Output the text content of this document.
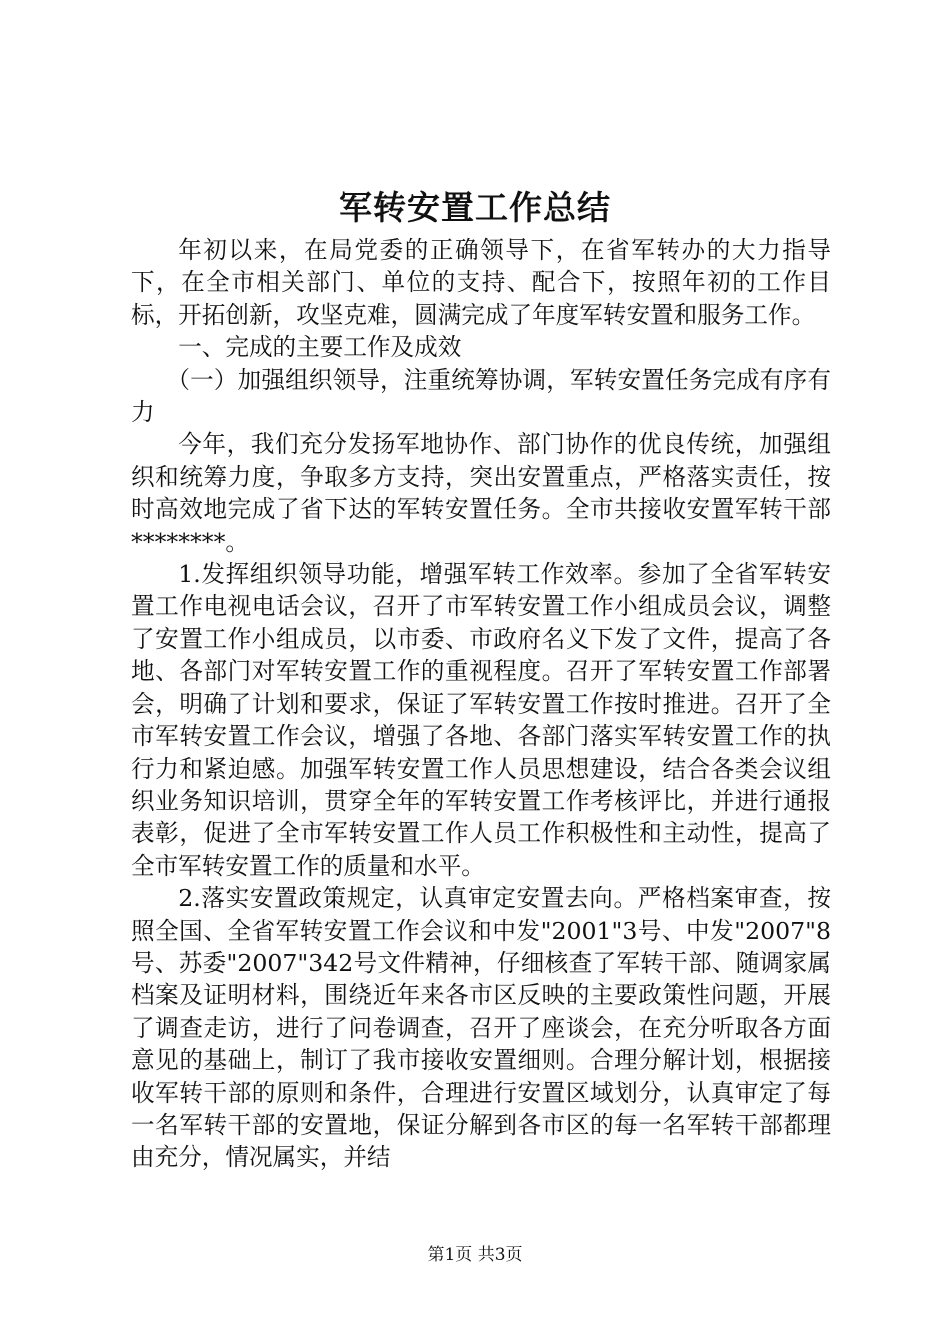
军转安置工作总结

年初以来，在局党委的正确领导下，在省军转办的大力指导下，在全市相关部门、单位的支持、配合下，按照年初的工作目标，开拓创新，攻坚克难，圆满完成了年度军转安置和服务工作。

一、完成的主要工作及成效

（一）加强组织领导，注重统筹协调，军转安置任务完成有序有力

今年，我们充分发扬军地协作、部门协作的优良传统，加强组织和统筹力度，争取多方支持，突出安置重点，严格落实责任，按时高效地完成了省下达的军转安置任务。全市共接收安置军转干部********。

1.发挥组织领导功能，增强军转工作效率。参加了全省军转安置工作电视电话会议，召开了市军转安置工作小组成员会议，调整了安置工作小组成员，以市委、市政府名义下发了文件，提高了各地、各部门对军转安置工作的重视程度。召开了军转安置工作部署会，明确了计划和要求，保证了军转安置工作按时推进。召开了全市军转安置工作会议，增强了各地、各部门落实军转安置工作的执行力和紧迫感。加强军转安置工作人员思想建设，结合各类会议组织业务知识培训，贯穿全年的军转安置工作考核评比，并进行通报表彰，促进了全市军转安置工作人员工作积极性和主动性，提高了全市军转安置工作的质量和水平。

2.落实安置政策规定，认真审定安置去向。严格档案审查，按照全国、全省军转安置工作会议和中发"2001"3号、中发"2007"8号、苏委"2007"342号文件精神，仔细核查了军转干部、随调家属档案及证明材料，围绕近年来各市区反映的主要政策性问题，开展了调查走访，进行了问卷调查，召开了座谈会，在充分听取各方面意见的基础上，制订了我市接收安置细则。合理分解计划，根据接收军转干部的原则和条件，合理进行安置区域划分，认真审定了每一名军转干部的安置地，保证分解到各市区的每一名军转干部都理由充分，情况属实，并结

第1页 共3页
